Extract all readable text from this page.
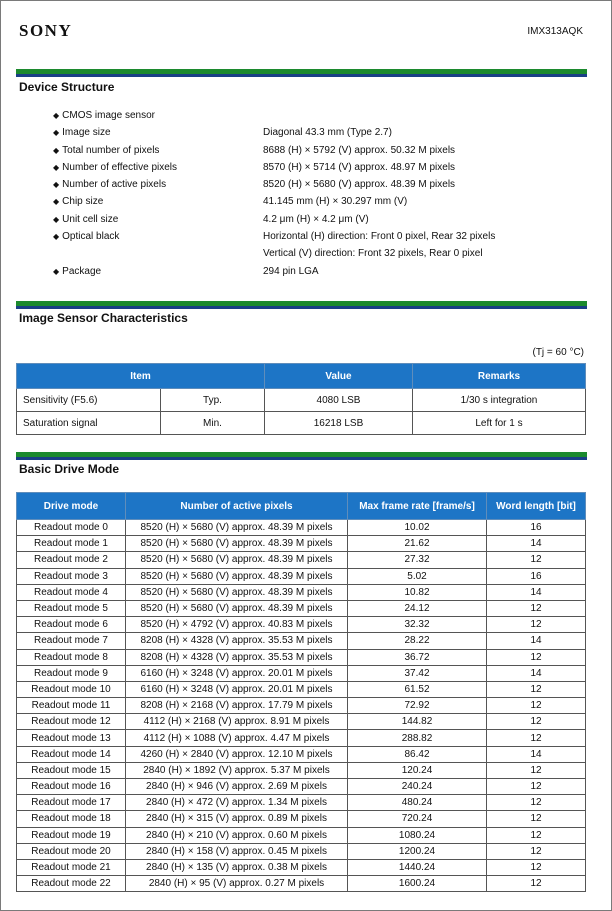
SONY	IMX313AQK
Device Structure
◆ CMOS image sensor
◆ Image size	Diagonal 43.3 mm (Type 2.7)
◆ Total number of pixels	8688 (H) × 5792 (V) approx. 50.32 M pixels
◆ Number of effective pixels	8570 (H) × 5714 (V) approx. 48.97 M pixels
◆ Number of active pixels	8520 (H) × 5680 (V) approx. 48.39 M pixels
◆ Chip size	41.145 mm (H) × 30.297 mm (V)
◆ Unit cell size	4.2 μm (H) × 4.2 μm (V)
◆ Optical black	Horizontal (H) direction: Front 0 pixel, Rear 32 pixels
Vertical (V) direction: Front 32 pixels, Rear 0 pixel
◆ Package	294 pin LGA
Image Sensor Characteristics
(Tj = 60 °C)
Item		Value	Remarks
Sensitivity (F5.6)	Typ.	4080 LSB	1/30 s integration
Saturation signal	Min.	16218 LSB	Left for 1 s
Basic Drive Mode
Drive mode	Number of active pixels	Max frame rate [frame/s]	Word length [bit]
Readout mode 0	8520 (H) × 5680 (V) approx. 48.39 M pixels	10.02	16
Readout mode 1	8520 (H) × 5680 (V) approx. 48.39 M pixels	21.62	14
Readout mode 2	8520 (H) × 5680 (V) approx. 48.39 M pixels	27.32	12
Readout mode 3	8520 (H) × 5680 (V) approx. 48.39 M pixels	5.02	16
Readout mode 4	8520 (H) × 5680 (V) approx. 48.39 M pixels	10.82	14
Readout mode 5	8520 (H) × 5680 (V) approx. 48.39 M pixels	24.12	12
Readout mode 6	8520 (H) × 4792 (V) approx. 40.83 M pixels	32.32	12
Readout mode 7	8208 (H) × 4328 (V) approx. 35.53 M pixels	28.22	14
Readout mode 8	8208 (H) × 4328 (V) approx. 35.53 M pixels	36.72	12
Readout mode 9	6160 (H) × 3248 (V) approx. 20.01 M pixels	37.42	14
Readout mode 10	6160 (H) × 3248 (V) approx. 20.01 M pixels	61.52	12
Readout mode 11	8208 (H) × 2168 (V) approx. 17.79 M pixels	72.92	12
Readout mode 12	4112 (H) × 2168 (V) approx. 8.91 M pixels	144.82	12
Readout mode 13	4112 (H) × 1088 (V) approx. 4.47 M pixels	288.82	12
Readout mode 14	4260 (H) × 2840 (V) approx. 12.10 M pixels	86.42	14
Readout mode 15	2840 (H) × 1892 (V) approx. 5.37 M pixels	120.24	12
Readout mode 16	2840 (H) × 946 (V) approx. 2.69 M pixels	240.24	12
Readout mode 17	2840 (H) × 472 (V) approx. 1.34 M pixels	480.24	12
Readout mode 18	2840 (H) × 315 (V) approx. 0.89 M pixels	720.24	12
Readout mode 19	2840 (H) × 210 (V) approx. 0.60 M pixels	1080.24	12
Readout mode 20	2840 (H) × 158 (V) approx. 0.45 M pixels	1200.24	12
Readout mode 21	2840 (H) × 135 (V) approx. 0.38 M pixels	1440.24	12
Readout mode 22	2840 (H) × 95 (V) approx. 0.27 M pixels	1600.24	12
